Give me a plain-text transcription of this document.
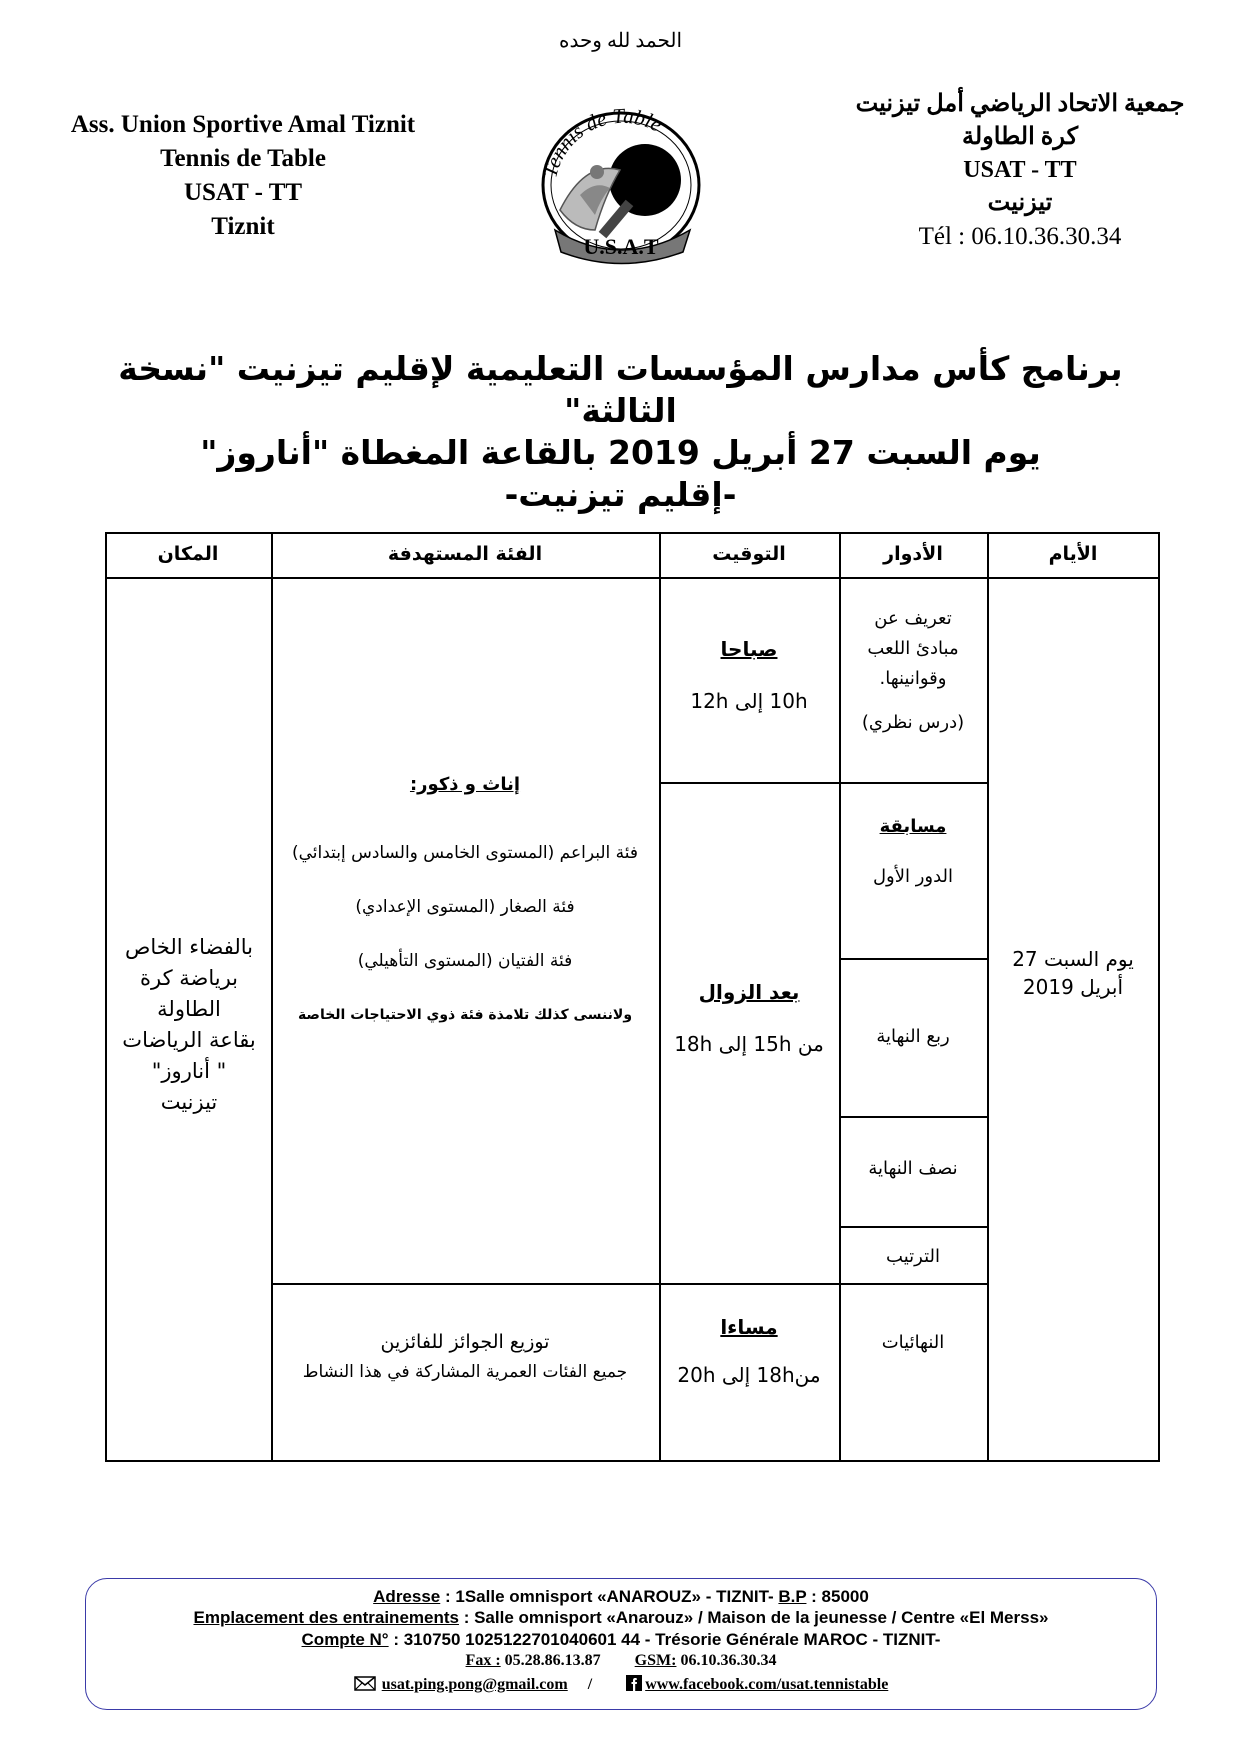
الحمد لله وحده
Ass. Union Sportive Amal Tiznit
Tennis de Table
USAT - TT
Tiznit
Tennis de Table
U.S.A.T
جمعية الاتحاد الرياضي أمل تيزنيت
كرة الطاولة
USAT - TT
تيزنيت
Tél : 06.10.36.30.34
برنامج كأس مدارس المؤسسات التعليمية لإقليم تيزنيت "نسخة الثالثة"
يوم السبت 27 أبريل 2019 بالقاعة المغطاة "أناروز"
-إقليم تيزنيت-
الأيام
الأدوار
التوقيت
الفئة المستهدفة
المكان
يوم السبت 27
أبريل 2019
تعريف عن
مبادئ اللعب
وقوانينها.
(درس نظري)
مسابقة
الدور الأول
ربع النهاية
نصف النهاية
الترتيب
النهائيات
صباحا
10h إلى 12h
بعد الزوال
من 15h إلى 18h
مساءا
من18h إلى 20h
إناث و ذكور:
فئة البراعم (المستوى الخامس والسادس إبتدائي)
فئة الصغار (المستوى الإعدادي)
فئة الفتيان (المستوى التأهيلي)
ولاننسى كذلك تلامذة فئة ذوي الاحتياجات الخاصة
توزيع الجوائز للفائزين
جميع الفئات العمرية المشاركة في هذا النشاط
بالفضاء الخاص
برياضة كرة
الطاولة
بقاعة الرياضات
" أناروز"
تيزنيت
Adresse : 1Salle omnisport «ANAROUZ» - TIZNIT- B.P : 85000
Emplacement des entrainements : Salle omnisport «Anarouz» / Maison de la jeunesse / Centre «El Merss»
Compte N° : 310750 1025122701040601 44 - Trésorie Générale MAROC - TIZNIT-
Fax : 05.28.86.13.87 GSM: 06.10.36.30.34
usat.ping.pong@gmail.com /	www.facebook.com/usat.tennistable
